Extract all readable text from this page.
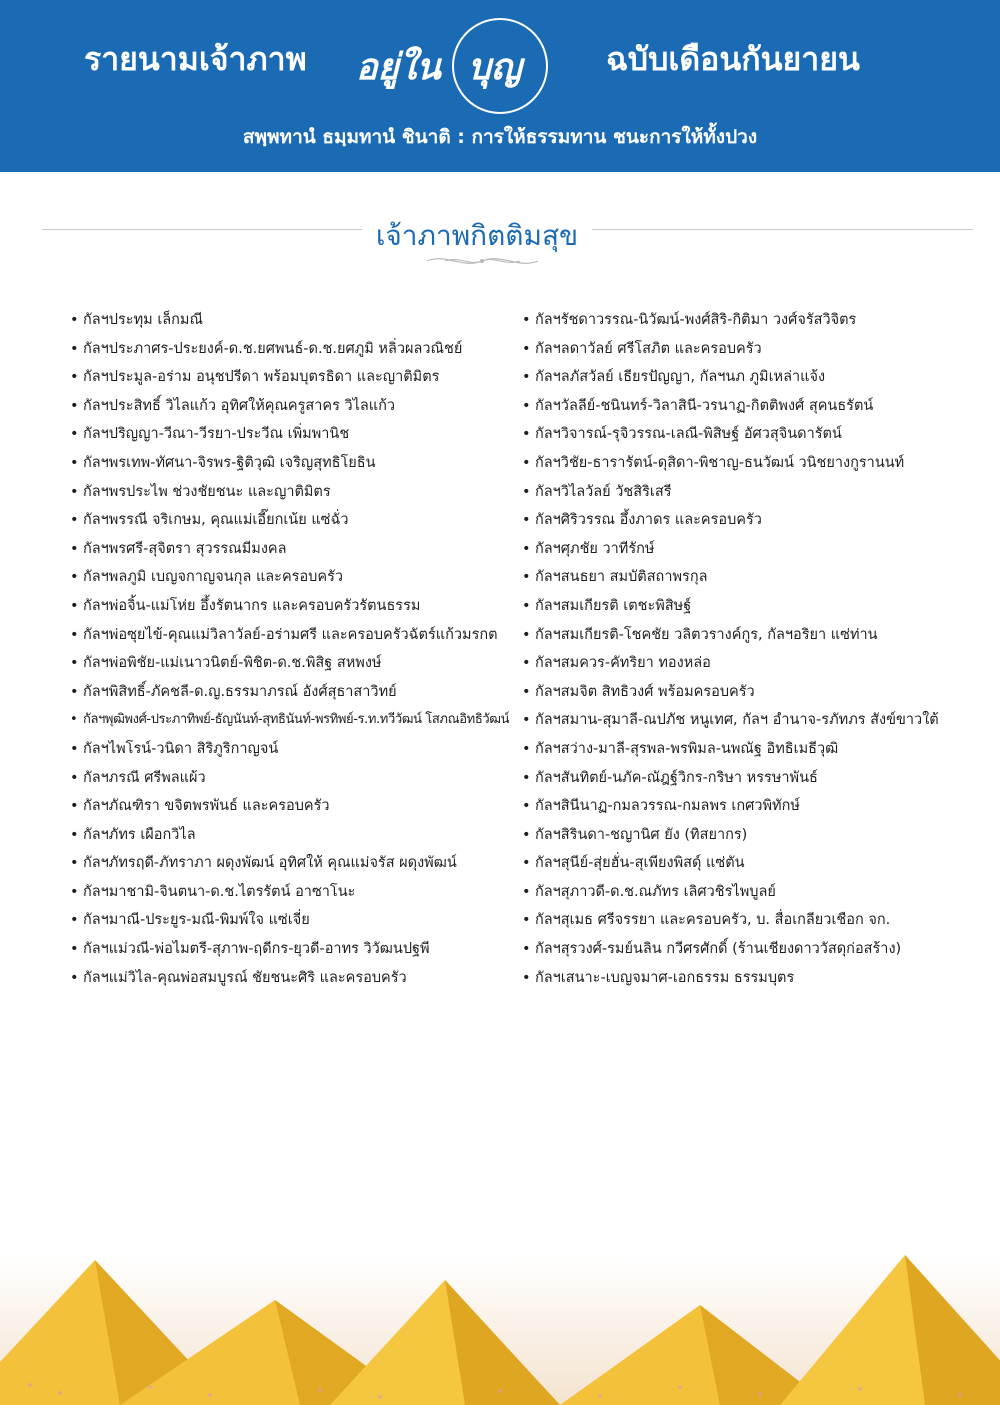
รายนามเจ้าภาพ อยู่ใน บุญ	ฉบับเดือนกันยายน
สพฺพทานํ ธมฺมทานํ ชินาติ : การให้ธรรมทาน ชนะการให้ทั้งปวง
เจ้าภาพกิตติมสุข
• กัลฯประทุม เล็กมณี
• กัลฯประภาศร-ประยงค์-ด.ช.ยศพนธ์-ด.ช.ยศภูมิ หลิ่วผลวณิชย์
• กัลฯประมูล-อร่าม อนุชปรีดา พร้อมบุตรธิดา และญาติมิตร
• กัลฯประสิทธิ์ วิไลแก้ว อุทิศให้คุณครูสาคร วิไลแก้ว
• กัลฯปริญญา-วีณา-วีรยา-ประวีณ เพิ่มพานิช
• กัลฯพรเทพ-ทัศนา-จิรพร-ฐิติวุฒิ เจริญสุทธิโยธิน
• กัลฯพรประไพ ช่วงชัยชนะ และญาติมิตร
• กัลฯพรรณี จริเกษม, คุณแม่เอี๊ยกเน้ย แซ่ฉั่ว
• กัลฯพรศรี-สุจิตรา สุวรรณมีมงคล
• กัลฯพลภูมิ เบญจกาญจนกุล และครอบครัว
• กัลฯพ่อจิ้น-แม่โห่ย อึ้งรัตนากร และครอบครัวรัตนธรรม
• กัลฯพ่อซุยไข้-คุณแม่วิลาวัลย์-อร่ามศรี และครอบครัวฉัตร์แก้วมรกต
• กัลฯพ่อพิชัย-แม่เนาวนิตย์-พิชิต-ด.ช.พิสิฐ สหพงษ์
• กัลฯพิสิทธิ์-ภัคชลี-ด.ญ.ธรรมาภรณ์ อังศ์สุธาสาวิทย์
• กัลฯพุฒิพงศ์-ประภาทิพย์-ธัญนันท์-สุทธินันท์-พรทิพย์-ร.ท.ทวีวัฒน์ โสภณอิทธิวัฒน์
• กัลฯไพโรน์-วนิดา สิริภูริกาญจน์
• กัลฯภรณี ศรีพลแผ้ว
• กัลฯภัณฑิรา ขจิตพรพันธ์ และครอบครัว
• กัลฯภัทร เผือกวิไล
• กัลฯภัทรฤดี-ภัทราภา ผดุงพัฒน์ อุทิศให้ คุณแม่จรัส ผดุงพัฒน์
• กัลฯมาชามิ-จินตนา-ด.ช.ไตรรัตน์ อาซาโนะ
• กัลฯมาณี-ประยูร-มณี-พิมพ์ใจ แซ่เจี่ย
• กัลฯแม่วณี-พ่อไมตรี-สุภาพ-ฤดีกร-ยุวดี-อาทร วิวัฒนปฐพี
• กัลฯแม่วิไล-คุณพ่อสมบูรณ์ ชัยชนะศิริ และครอบครัว
• กัลฯรัชดาวรรณ-นิวัฒน์-พงศ์สิริ-กิติมา วงศ์จรัสวิจิตร
• กัลฯลดาวัลย์ ศรีโสภิต และครอบครัว
• กัลฯลภัสวัลย์ เธียรปัญญา, กัลฯนภ ภูมิเหล่าแจ้ง
• กัลฯวัลลีย์-ชนินทร์-วิลาสินี-วรนาฏ-กิตติพงศ์ สุคนธรัตน์
• กัลฯวิจารณ์-รุจิวรรณ-เลณี-พิสิษฐ์ อัศวสุจินดารัตน์
• กัลฯวิชัย-ธารารัตน์-ดุสิดา-พิชาญ-ธนวัฒน์ วนิชยางกูรานนท์
• กัลฯวิไลวัลย์ วัชสิริเสรี
• กัลฯศิริวรรณ อึ้งภาดร และครอบครัว
• กัลฯศุภชัย วาทีรักษ์
• กัลฯสนธยา สมบัติสถาพรกุล
• กัลฯสมเกียรติ เตชะพิสิษฐ์
• กัลฯสมเกียรติ-โชคชัย วลิตวรางค์กูร, กัลฯอริยา แซ่ท่าน
• กัลฯสมควร-คัทริยา ทองหล่อ
• กัลฯสมจิต สิทธิวงศ์ พร้อมครอบครัว
• กัลฯสมาน-สุมาลี-ณปภัช หนูเทศ, กัลฯ อำนาจ-รภัทภร สังข์ขาวใต้
• กัลฯสว่าง-มาลี-สุรพล-พรพิมล-นพณัฐ อิทธิเมธีวุฒิ
• กัลฯสันทิตย์-นภัค-ณัฎฐ์วิกร-กริษา หรรษาพันธ์
• กัลฯสินีนาฏ-กมลวรรณ-กมลพร เกศวพิทักษ์
• กัลฯสิรินดา-ชญานิศ ยัง (ทิสยากร)
• กัลฯสุนีย์-สุ่ยฮั่น-สุเพียงพิสดุ์ แซ่ตัน
• กัลฯสุภาวดี-ด.ช.ณภัทร เลิศวชิรไพบูลย์
• กัลฯสุเมธ ศรีจรรยา และครอบครัว, บ. สื่อเกลียวเชือก จก.
• กัลฯสุรวงศ์-รมย์นลิน กวีศรศักดิ์ (ร้านเชียงดาววัสดุก่อสร้าง)
• กัลฯเสนาะ-เบญจมาศ-เอกธรรม ธรรมบุตร
